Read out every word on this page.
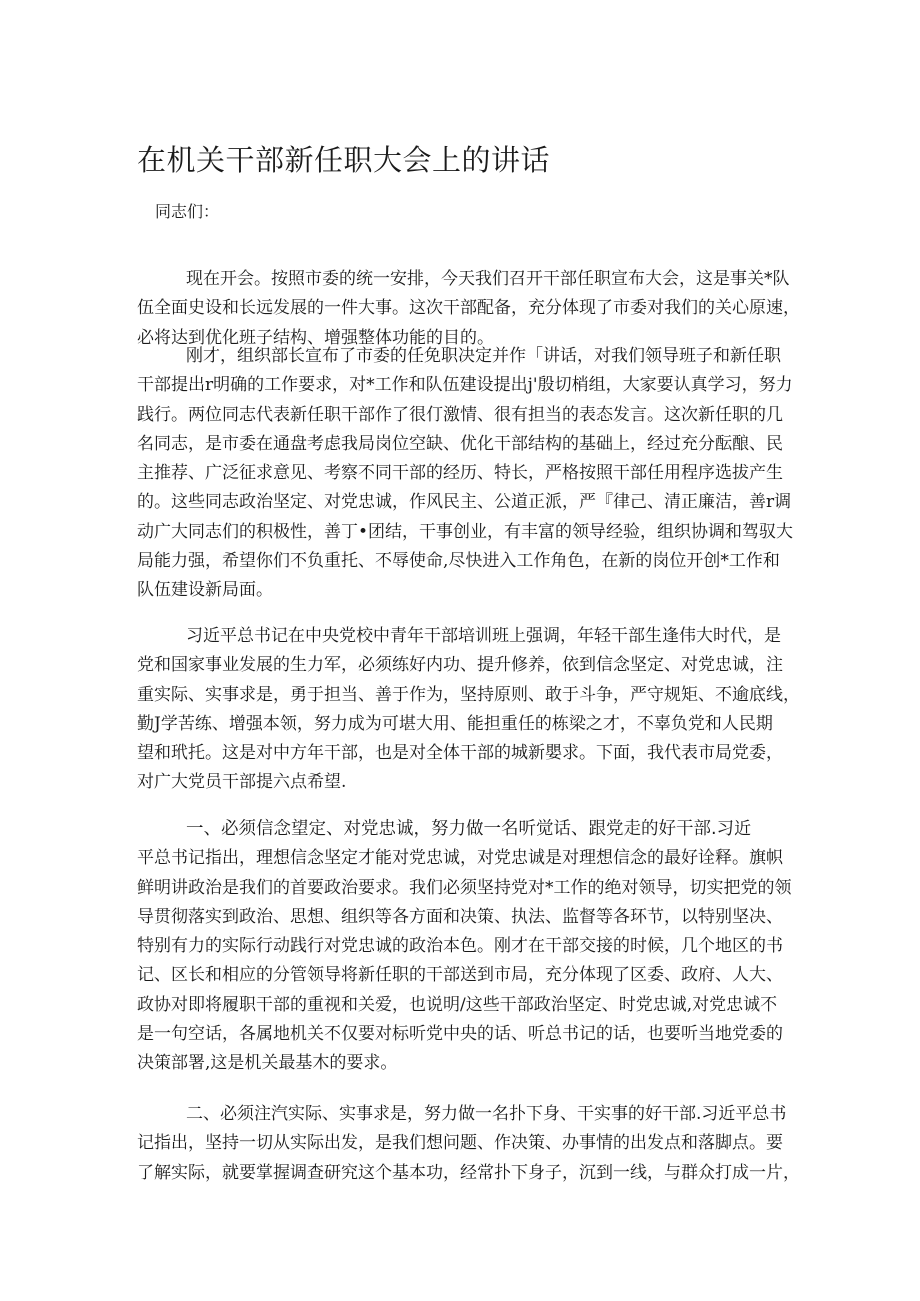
在机关干部新任职大会上的讲话
同志们：
现在开会。按照市委的统一安排，今天我们召开干部任职宣布大会，这是事关*队
伍全面史设和长远发展的一件大事。这次干部配备，充分体现了市委对我们的关心原速，
必将达到优化班子结构、增强整体功能的目的。
刚才，组织部长宣布了市委的任免职决定并作「讲话，对我们领导班子和新任职
干部提出r明确的工作要求，对*工作和队伍建设提出j'殷切梢组，大家要认真学习，努力
践行。两位同志代表新任职干部作了很仃激情、很有担当的表态发言。这次新任职的几
名同志，是市委在通盘考虑我局岗位空缺、优化干部结构的基础上，经过充分酝酿、民
主推荐、广泛征求意见、考察不同干部的经历、特长，严格按照干部任用程序选拔产生
的。这些同志政治坚定、对党忠诚，作风民主、公道正派，严『律己、清正廉洁，善r调
动广大同志们的积极性，善丁•团结，干事创业，有丰富的领导经验，组织协调和驾驭大
局能力强，希望你们不负重托、不辱使命,尽快进入工作角色，在新的岗位开创*工作和
队伍建设新局面。
习近平总书记在中央党校中青年干部培训班上强调，年轻干部生逢伟大时代，是
党和国家事业发展的生力军，必须练好内功、提升修养，依到信念坚定、对党忠诚，注
重实际、实事求是，勇于担当、善于作为，坚持原则、敢于斗争，严守规矩、不逾底线，
勤J学苦练、增强本领，努力成为可堪大用、能担重任的栋梁之才，不辜负党和人民期
望和玳托。这是对中方年干部，也是对全体干部的城新嬰求。下面，我代表市局党委，
对广大党员干部提六点希望.
一、必须信念望定、对党忠诚，努力做一名听觉话、跟党走的好干部.习近
平总书记指出，理想信念坚定才能对党忠诚，对党忠诚是对理想信念的最好诠释。旗帜
鲜明讲政治是我们的首要政治要求。我们必须坚持党对*工作的绝对领导，切实把党的领
导贯彻落实到政治、思想、组织等各方面和决策、执法、监督等各环节，以特别坚决、
特别有力的实际行动践行对党忠诚的政治本色。刚才在干部交接的时候，几个地区的书
记、区长和相应的分管领导将新任职的干部送到市局，充分体现了区委、政府、人大、
政协对即将履职干部的重视和关爱，也说明/这些干部政治坚定、时党忠诚,对党忠诚不
是一句空话，各属地机关不仅要对标听党中央的话、听总书记的话，也要听当地党委的
决策部署,这是机关最基木的要求。
二、必须注汽实际、实事求是，努力做一名扑下身、干实事的好干部.习近平总书
记指出，坚持一切从实际出发，是我们想问题、作决策、办事情的出发点和落脚点。要
了解实际，就要掌握调查研究这个基本功，经常扑下身子，沉到一线，与群众打成一片，
